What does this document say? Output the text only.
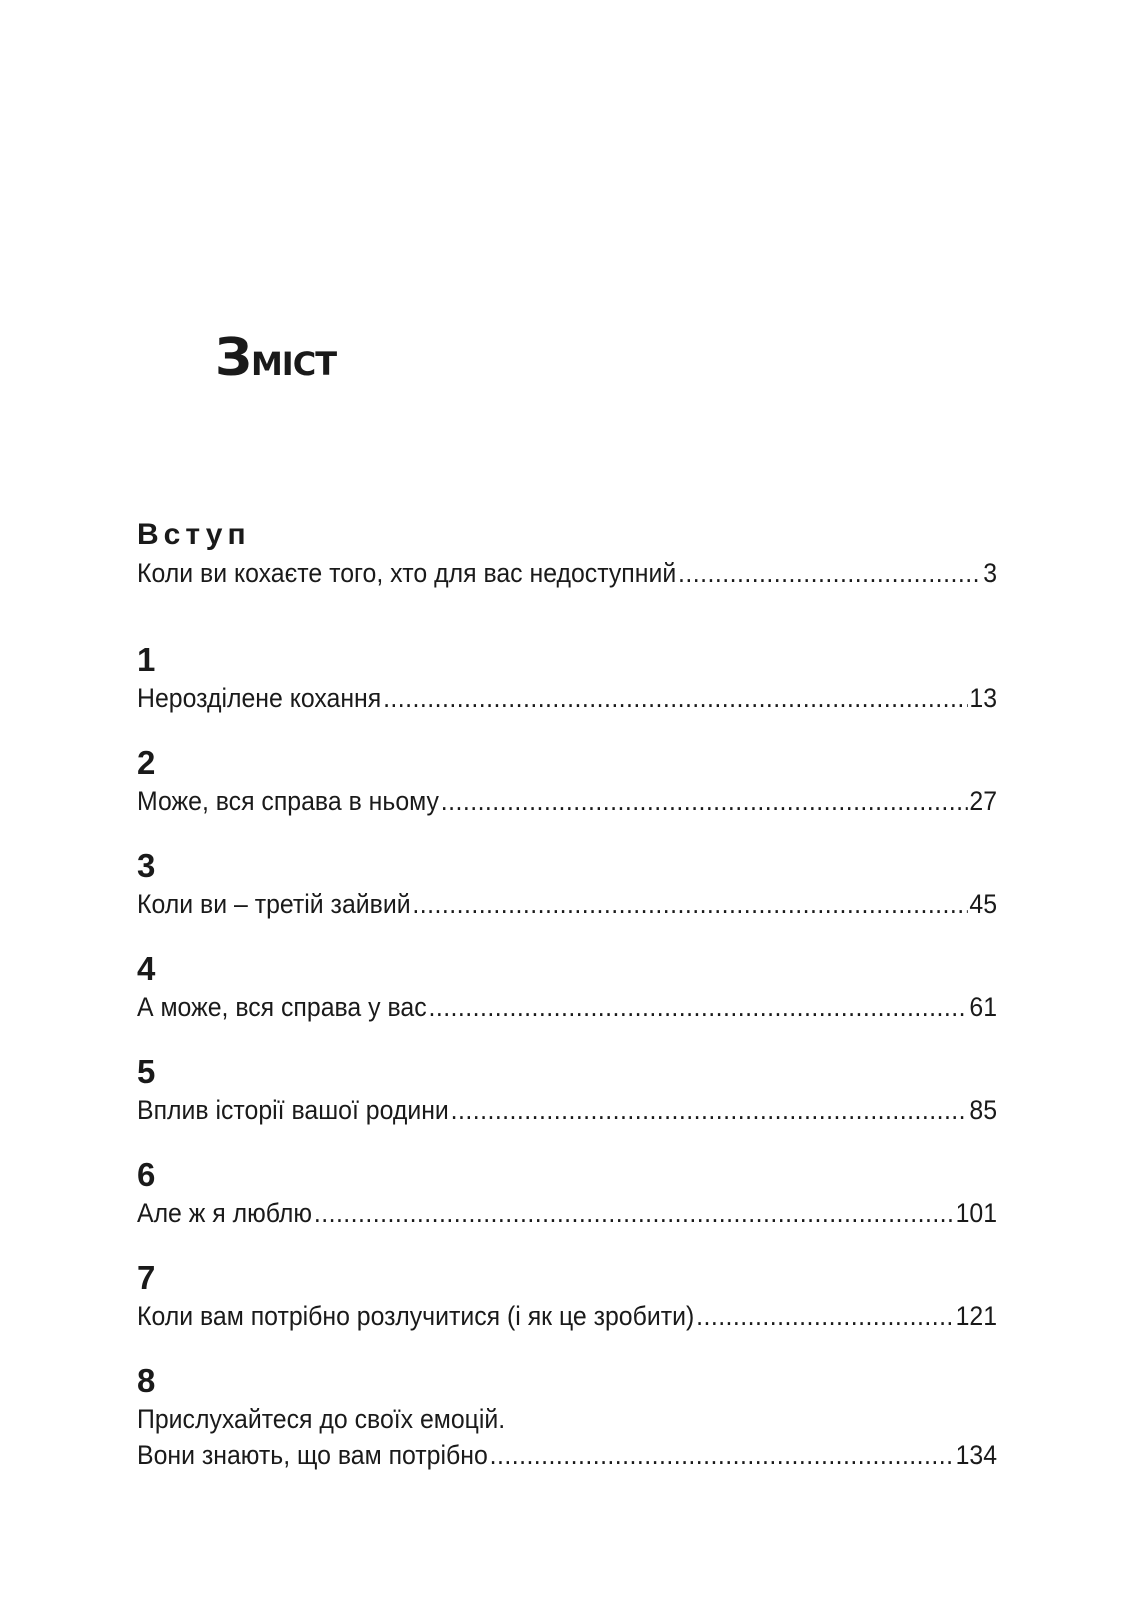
Зміст
Вступ
Коли ви кохаєте того, хто для вас недоступний . . .	3
1
Нерозділене кохання . . .	13
2
Може, вся справа в ньому . . .	27
3
Коли ви – третій зайвий . . .	45
4
А може, вся справа у вас . . .	61
5
Вплив історії вашої родини . . .	85
6
Але ж я люблю . . .	101
7
Коли вам потрібно розлучитися (і як це зробити) . . .	121
8
Прислухайтеся до своїх емоцій.
Вони знають, що вам потрібно . . .	134
